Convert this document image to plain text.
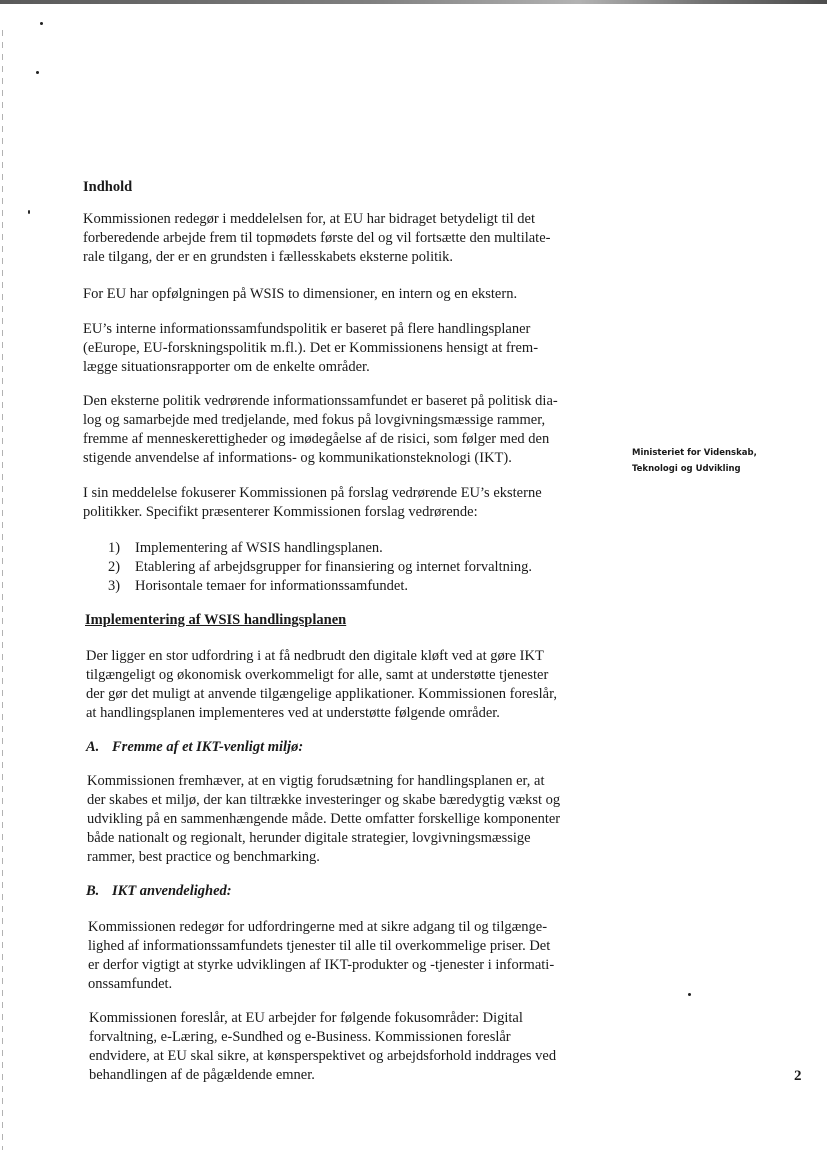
Indhold

Kommissionen redegør i meddelelsen for, at EU har bidraget betydeligt til det
forberedende arbejde frem til topmødets første del og vil fortsætte den multilate-
rale tilgang, der er en grundsten i fællesskabets eksterne politik.

For EU har opfølgningen på WSIS to dimensioner, en intern og en ekstern.

EU’s interne informationssamfundspolitik er baseret på flere handlingsplaner
(eEurope, EU-forskningspolitik m.fl.). Det er Kommissionens hensigt at frem-
lægge situationsrapporter om de enkelte områder.

Den eksterne politik vedrørende informationssamfundet er baseret på politisk dia-
log og samarbejde med tredjelande, med fokus på lovgivningsmæssige rammer,
fremme af menneskerettigheder og imødegåelse af de risici, som følger med den
stigende anvendelse af informations- og kommunikationsteknologi (IKT).

I sin meddelelse fokuserer Kommissionen på forslag vedrørende EU’s eksterne
politikker. Specifikt præsenterer Kommissionen forslag vedrørende:

1) Implementering af WSIS handlingsplanen.
2) Etablering af arbejdsgrupper for finansiering og internet forvaltning.
3) Horisontale temaer for informationssamfundet.
Implementering af WSIS handlingsplanen

Der ligger en stor udfordring i at få nedbrudt den digitale kløft ved at gøre IKT
tilgængeligt og økonomisk overkommeligt for alle, samt at understøtte tjenester
der gør det muligt at anvende tilgængelige applikationer. Kommissionen foreslår,
at handlingsplanen implementeres ved at understøtte følgende områder.

A. Fremme af et IKT-venligt miljø:

Kommissionen fremhæver, at en vigtig forudsætning for handlingsplanen er, at
der skabes et miljø, der kan tiltrække investeringer og skabe bæredygtig vækst og
udvikling på en sammenhængende måde. Dette omfatter forskellige komponenter
både nationalt og regionalt, herunder digitale strategier, lovgivningsmæssige
rammer, best practice og benchmarking.

B. IKT anvendelighed:

Kommissionen redegør for udfordringerne med at sikre adgang til og tilgænge-
lighed af informationssamfundets tjenester til alle til overkommelige priser. Det
er derfor vigtigt at styrke udviklingen af IKT-produkter og -tjenester i informati-
onssamfundet.

Kommissionen foreslår, at EU arbejder for følgende fokusområder: Digital
forvaltning, e-Læring, e-Sundhed og e-Business. Kommissionen foreslår
endvidere, at EU skal sikre, at kønsperspektivet og arbejdsforhold inddrages ved
behandlingen af de pågældende emner.

Ministeriet for Videnskab,
Teknologi og Udvikling
2
